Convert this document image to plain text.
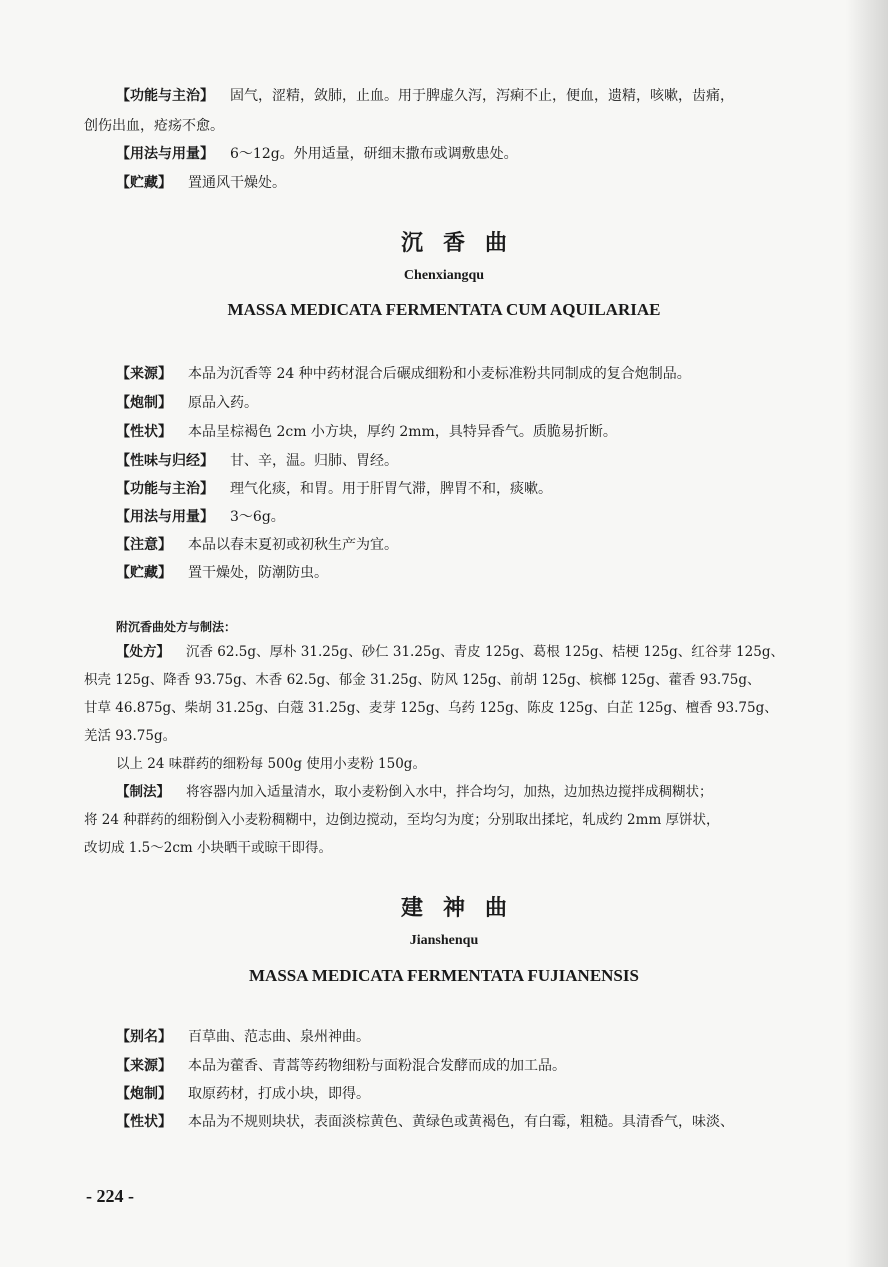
【功能与主治】 固气，涩精，敛肺，止血。用于脾虚久泻，泻痢不止，便血，遗精，咳嗽，齿痛，
创伤出血，疮疡不愈。
【用法与用量】 6～12g。外用适量，研细末撒布或调敷患处。
【贮藏】 置通风干燥处。
沉香曲
Chenxiangqu
MASSA MEDICATA FERMENTATA CUM AQUILARIAE
【来源】 本品为沉香等 24 种中药材混合后碾成细粉和小麦标准粉共同制成的复合炮制品。
【炮制】 原品入药。
【性状】 本品呈棕褐色 2cm 小方块，厚约 2mm，具特异香气。质脆易折断。
【性味与归经】 甘、辛，温。归肺、胃经。
【功能与主治】 理气化痰，和胃。用于肝胃气滞，脾胃不和，痰嗽。
【用法与用量】 3～6g。
【注意】 本品以春末夏初或初秋生产为宜。
【贮藏】 置干燥处，防潮防虫。
附沉香曲处方与制法：
【处方】 沉香 62.5g、厚朴 31.25g、砂仁 31.25g、青皮 125g、葛根 125g、桔梗 125g、红谷芽 125g、
枳壳 125g、降香 93.75g、木香 62.5g、郁金 31.25g、防风 125g、前胡 125g、槟榔 125g、藿香 93.75g、
甘草 46.875g、柴胡 31.25g、白蔻 31.25g、麦芽 125g、乌药 125g、陈皮 125g、白芷 125g、檀香 93.75g、
羌活 93.75g。
以上 24 味群药的细粉每 500g 使用小麦粉 150g。
【制法】 将容器内加入适量清水，取小麦粉倒入水中，拌合均匀，加热，边加热边搅拌成稠糊状；
将 24 种群药的细粉倒入小麦粉稠糊中，边倒边搅动，至均匀为度；分别取出揉坨，轧成约 2mm 厚饼状，
改切成 1.5～2cm 小块晒干或晾干即得。
建神曲
Jianshenqu
MASSA MEDICATA FERMENTATA FUJIANENSIS
【别名】 百草曲、范志曲、泉州神曲。
【来源】 本品为藿香、青蒿等药物细粉与面粉混合发酵而成的加工品。
【炮制】 取原药材，打成小块，即得。
【性状】 本品为不规则块状，表面淡棕黄色、黄绿色或黄褐色，有白霉，粗糙。具清香气，味淡、
- 224 -
